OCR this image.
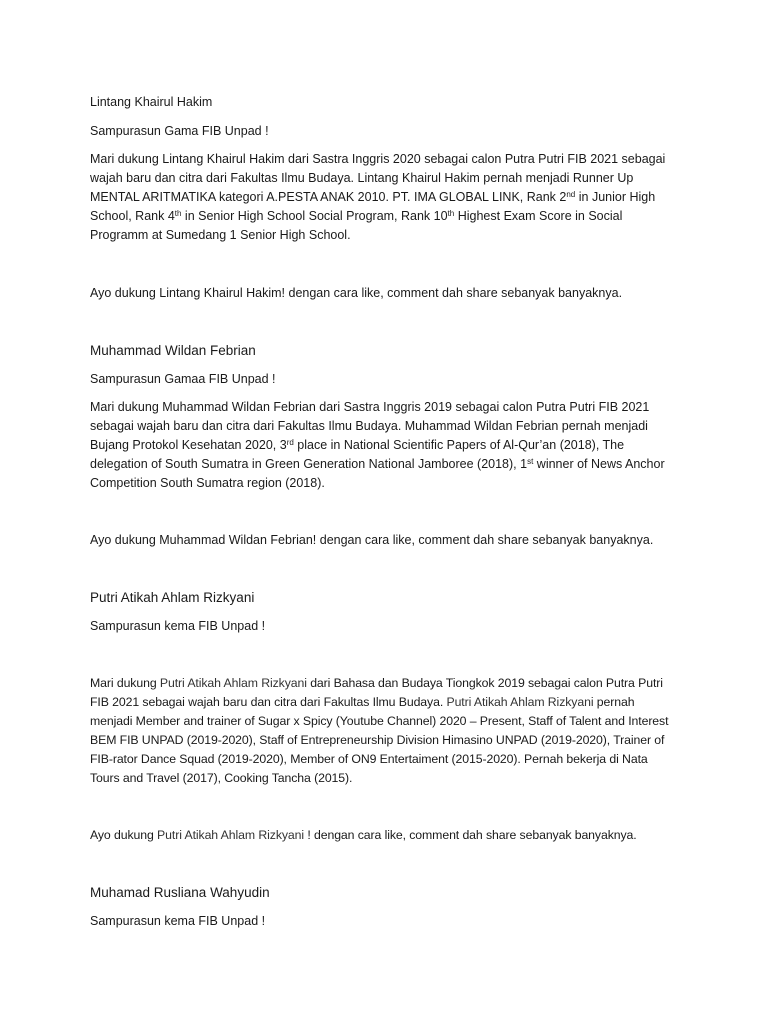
Lintang Khairul Hakim

Sampurasun Gama FIB Unpad !

Mari dukung Lintang Khairul Hakim dari Sastra Inggris 2020 sebagai calon Putra Putri FIB 2021 sebagai wajah baru dan citra dari Fakultas Ilmu Budaya. Lintang Khairul Hakim pernah menjadi Runner Up MENTAL ARITMATIKA kategori A.PESTA ANAK 2010. PT. IMA GLOBAL LINK, Rank 2nd in Junior High School, Rank 4th in Senior High School Social Program, Rank 10th Highest Exam Score in Social Programm at Sumedang 1 Senior High School.

Ayo dukung Lintang Khairul Hakim! dengan cara like, comment dah share sebanyak banyaknya.

Muhammad Wildan Febrian

Sampurasun Gamaa FIB Unpad !

Mari dukung Muhammad Wildan Febrian dari Sastra Inggris 2019 sebagai calon Putra Putri FIB 2021 sebagai wajah baru dan citra dari Fakultas Ilmu Budaya. Muhammad Wildan Febrian pernah menjadi Bujang Protokol Kesehatan 2020, 3rd place in National Scientific Papers of Al-Qur’an (2018), The delegation of South Sumatra in Green Generation National Jamboree (2018), 1st winner of News Anchor Competition South Sumatra region (2018).

Ayo dukung Muhammad Wildan Febrian! dengan cara like, comment dah share sebanyak banyaknya.

Putri Atikah Ahlam Rizkyani

Sampurasun kema FIB Unpad !

Mari dukung Putri Atikah Ahlam Rizkyani dari Bahasa dan Budaya Tiongkok 2019 sebagai calon Putra Putri FIB 2021 sebagai wajah baru dan citra dari Fakultas Ilmu Budaya. Putri Atikah Ahlam Rizkyani pernah menjadi Member and trainer of Sugar x Spicy (Youtube Channel) 2020 – Present, Staff of Talent and Interest BEM FIB UNPAD (2019-2020), Staff of Entrepreneurship Division Himasino UNPAD (2019-2020), Trainer of FIB-rator Dance Squad (2019-2020), Member of ON9 Entertaiment (2015-2020). Pernah bekerja di Nata Tours and Travel (2017), Cooking Tancha (2015).

Ayo dukung Putri Atikah Ahlam Rizkyani ! dengan cara like, comment dah share sebanyak banyaknya.

Muhamad Rusliana Wahyudin

Sampurasun kema FIB Unpad !
